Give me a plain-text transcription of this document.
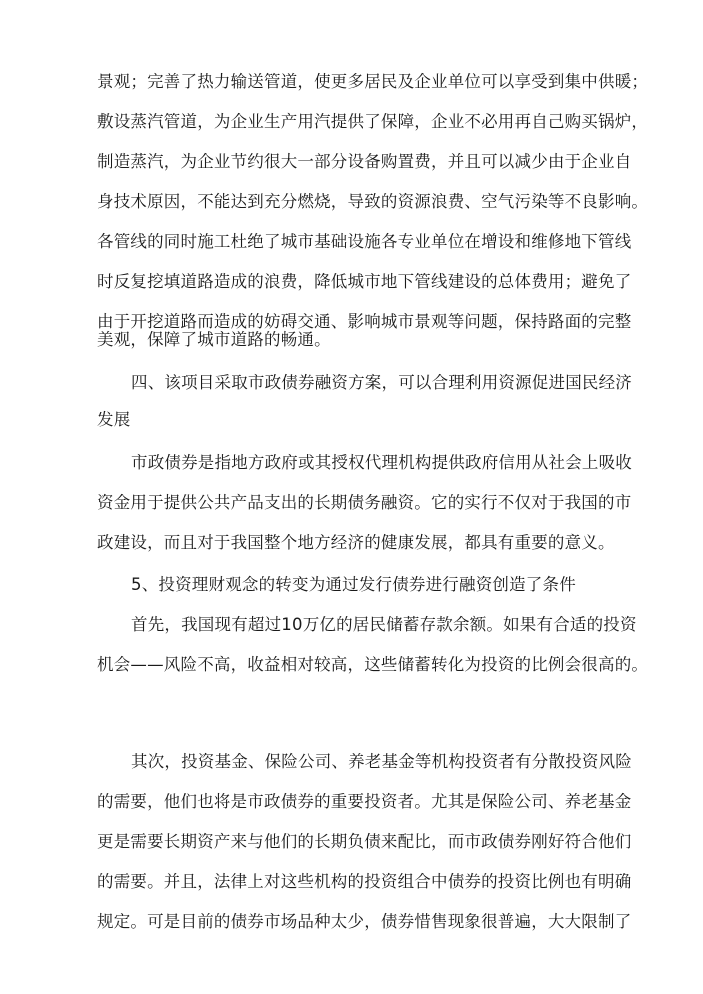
景观；完善了热力输送管道，使更多居民及企业单位可以享受到集中供暖；
敷设蒸汽管道，为企业生产用汽提供了保障，企业不必用再自己购买锅炉，
制造蒸汽，为企业节约很大一部分设备购置费，并且可以减少由于企业自
身技术原因，不能达到充分燃烧，导致的资源浪费、空气污染等不良影响。
各管线的同时施工杜绝了城市基础设施各专业单位在增设和维修地下管线
时反复挖填道路造成的浪费，降低城市地下管线建设的总体费用；避免了
由于开挖道路而造成的妨碍交通、影响城市景观等问题，保持路面的完整
美观，保障了城市道路的畅通。
四、该项目采取市政债券融资方案，可以合理利用资源促进国民经济
发展
市政债券是指地方政府或其授权代理机构提供政府信用从社会上吸收
资金用于提供公共产品支出的长期债务融资。它的实行不仅对于我国的市
政建设，而且对于我国整个地方经济的健康发展，都具有重要的意义。
5、投资理财观念的转变为通过发行债券进行融资创造了条件
首先，我国现有超过10万亿的居民储蓄存款余额。如果有合适的投资
机会——风险不高，收益相对较高，这些储蓄转化为投资的比例会很高的。
其次，投资基金、保险公司、养老基金等机构投资者有分散投资风险
的需要，他们也将是市政债券的重要投资者。尤其是保险公司、养老基金
更是需要长期资产来与他们的长期负债来配比，而市政债券刚好符合他们
的需要。并且，法律上对这些机构的投资组合中债券的投资比例也有明确
规定。可是目前的债券市场品种太少，债券惜售现象很普遍，大大限制了
